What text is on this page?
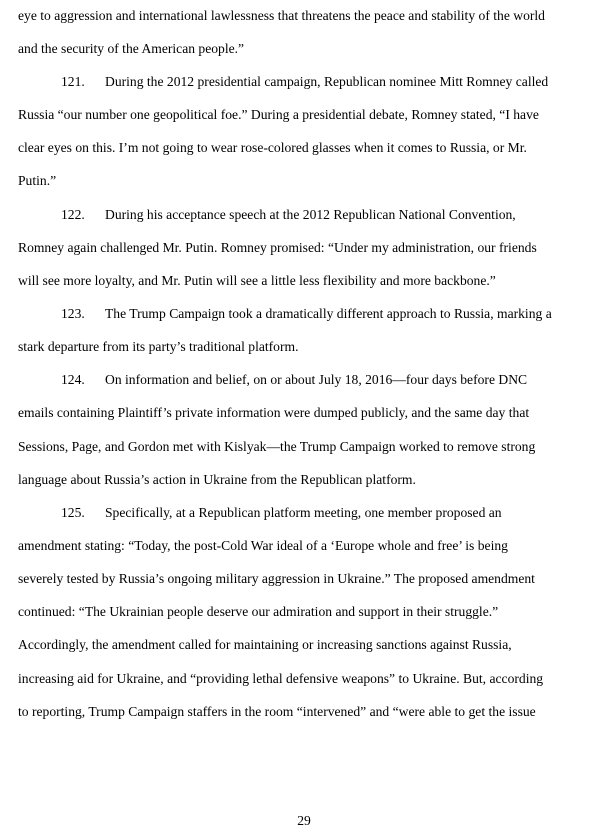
eye to aggression and international lawlessness that threatens the peace and stability of the world
and the security of the American people.”
121. During the 2012 presidential campaign, Republican nominee Mitt Romney called
Russia “our number one geopolitical foe.” During a presidential debate, Romney stated, “I have
clear eyes on this. I’m not going to wear rose-colored glasses when it comes to Russia, or Mr.
Putin.”
122. During his acceptance speech at the 2012 Republican National Convention,
Romney again challenged Mr. Putin. Romney promised: “Under my administration, our friends
will see more loyalty, and Mr. Putin will see a little less flexibility and more backbone.”
123. The Trump Campaign took a dramatically different approach to Russia, marking a
stark departure from its party’s traditional platform.
124. On information and belief, on or about July 18, 2016—four days before DNC
emails containing Plaintiff’s private information were dumped publicly, and the same day that
Sessions, Page, and Gordon met with Kislyak—the Trump Campaign worked to remove strong
language about Russia’s action in Ukraine from the Republican platform.
125. Specifically, at a Republican platform meeting, one member proposed an
amendment stating: “Today, the post-Cold War ideal of a ‘Europe whole and free’ is being
severely tested by Russia’s ongoing military aggression in Ukraine.” The proposed amendment
continued: “The Ukrainian people deserve our admiration and support in their struggle.”
Accordingly, the amendment called for maintaining or increasing sanctions against Russia,
increasing aid for Ukraine, and “providing lethal defensive weapons” to Ukraine. But, according
to reporting, Trump Campaign staffers in the room “intervened” and “were able to get the issue
29
